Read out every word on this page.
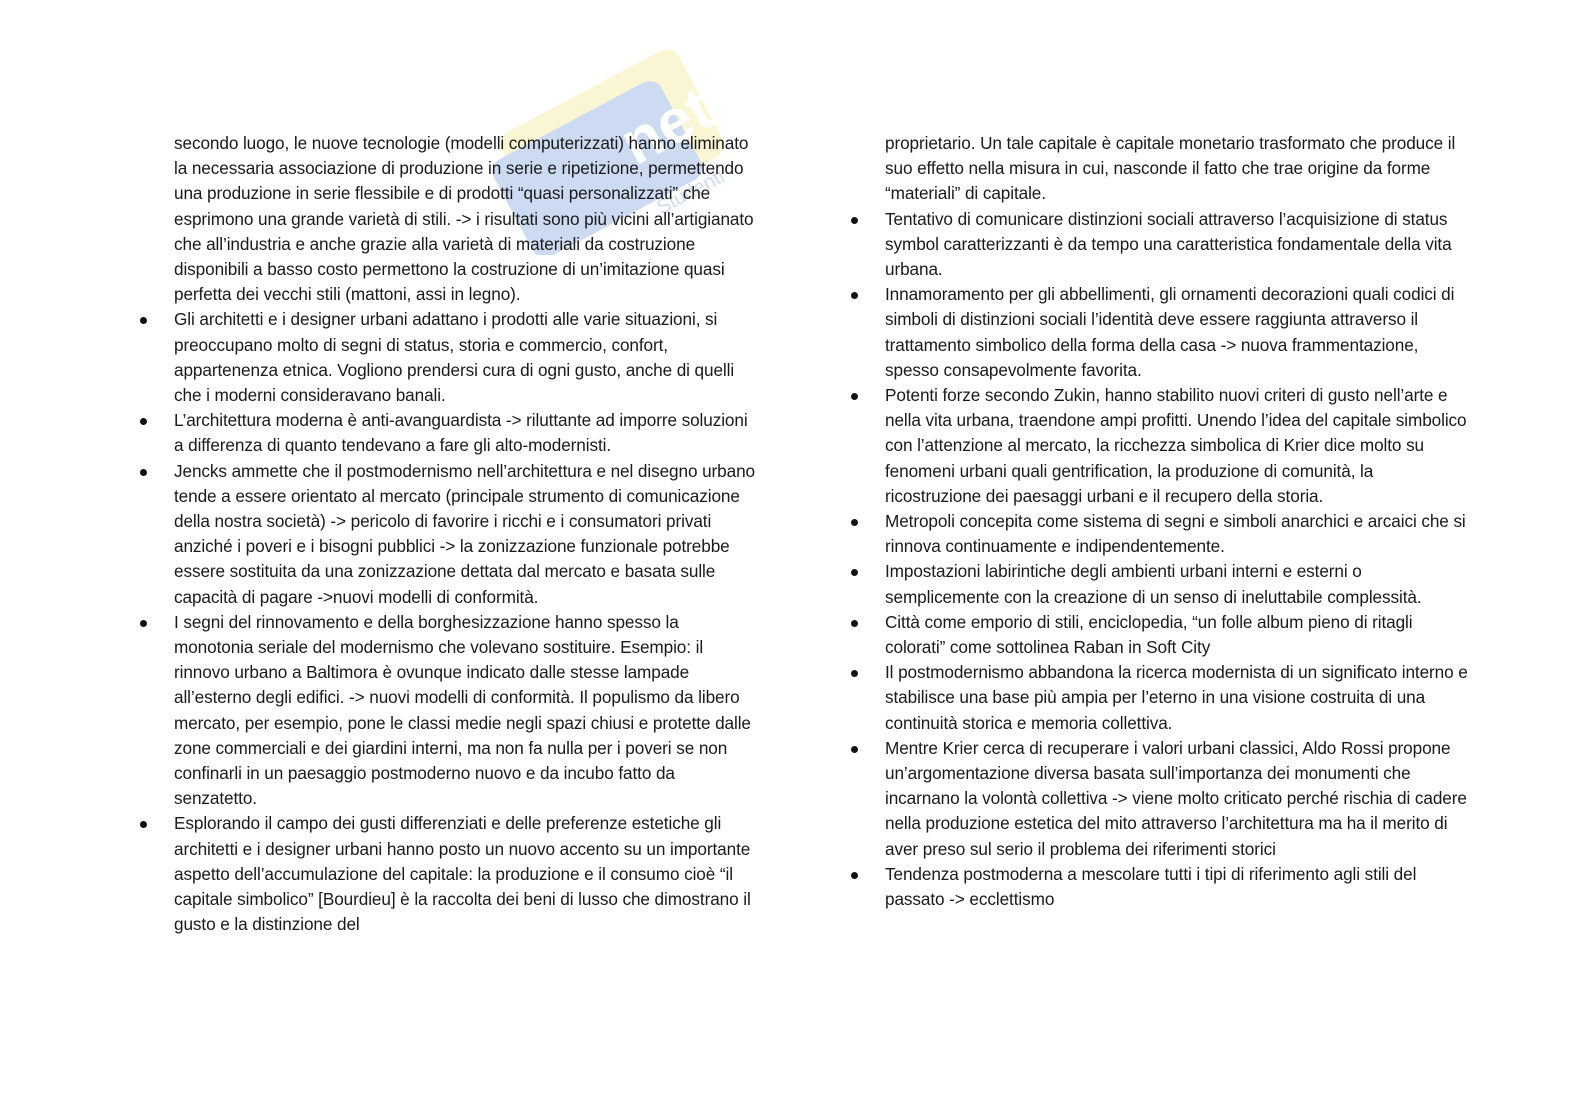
net
Studenti

secondo luogo, le nuove tecnologie (modelli computerizzati) hanno eliminato la necessaria associazione di produzione in serie e ripetizione, permettendo una produzione in serie flessibile e di prodotti “quasi personalizzati” che esprimono una grande varietà di stili. -> i risultati sono più vicini all’artigianato che all’industria e anche grazie alla varietà di materiali da costruzione disponibili a basso costo permettono la costruzione di un’imitazione quasi perfetta dei vecchi stili (mattoni, assi in legno).

Gli architetti e i designer urbani adattano i prodotti alle varie situazioni, si preoccupano molto di segni di status, storia e commercio, confort, appartenenza etnica. Vogliono prendersi cura di ogni gusto, anche di quelli che i moderni consideravano banali.
L’architettura moderna è anti-avanguardista -> riluttante ad imporre soluzioni a differenza di quanto tendevano a fare gli alto-modernisti.
Jencks ammette che il postmodernismo nell’architettura e nel disegno urbano tende a essere orientato al mercato (principale strumento di comunicazione della nostra società) -> pericolo di favorire i ricchi e i consumatori privati anziché i poveri e i bisogni pubblici -> la zonizzazione funzionale potrebbe essere sostituita da una zonizzazione dettata dal mercato e basata sulle capacità di pagare ->nuovi modelli di conformità.
I segni del rinnovamento e della borghesizzazione hanno spesso la monotonia seriale del modernismo che volevano sostituire. Esempio: il rinnovo urbano a Baltimora è ovunque indicato dalle stesse lampade all’esterno degli edifici. -> nuovi modelli di conformità. Il populismo da libero mercato, per esempio, pone le classi medie negli spazi chiusi e protette dalle zone commerciali e dei giardini interni, ma non fa nulla per i poveri se non confinarli in un paesaggio postmoderno nuovo e da incubo fatto da senzatetto.
Esplorando il campo dei gusti differenziati e delle preferenze estetiche gli architetti e i designer urbani hanno posto un nuovo accento su un importante aspetto dell’accumulazione del capitale: la produzione e il consumo cioè “il capitale simbolico” [Bourdieu] è la raccolta dei beni di lusso che dimostrano il gusto e la distinzione del

proprietario. Un tale capitale è capitale monetario trasformato che produce il suo effetto nella misura in cui, nasconde il fatto che trae origine da forme “materiali” di capitale.

Tentativo di comunicare distinzioni sociali attraverso l’acquisizione di status symbol caratterizzanti è da tempo una caratteristica fondamentale della vita urbana.
Innamoramento per gli abbellimenti, gli ornamenti decorazioni quali codici di simboli di distinzioni sociali l’identità deve essere raggiunta attraverso il trattamento simbolico della forma della casa -> nuova frammentazione, spesso consapevolmente favorita.
Potenti forze secondo Zukin, hanno stabilito nuovi criteri di gusto nell’arte e nella vita urbana, traendone ampi profitti. Unendo l’idea del capitale simbolico con l’attenzione al mercato, la ricchezza simbolica di Krier dice molto su fenomeni urbani quali gentrification, la produzione di comunità, la ricostruzione dei paesaggi urbani e il recupero della storia.
Metropoli concepita come sistema di segni e simboli anarchici e arcaici che si rinnova continuamente e indipendentemente.
Impostazioni labirintiche degli ambienti urbani interni e esterni o semplicemente con la creazione di un senso di ineluttabile complessità.
Città come emporio di stili, enciclopedia, “un folle album pieno di ritagli colorati” come sottolinea Raban in Soft City
Il postmodernismo abbandona la ricerca modernista di un significato interno e stabilisce una base più ampia per l’eterno in una visione costruita di una continuità storica e memoria collettiva.
Mentre Krier cerca di recuperare i valori urbani classici, Aldo Rossi propone un’argomentazione diversa basata sull’importanza dei monumenti che incarnano la volontà collettiva -> viene molto criticato perché rischia di cadere nella produzione estetica del mito attraverso l’architettura ma ha il merito di aver preso sul serio il problema dei riferimenti storici
Tendenza postmoderna a mescolare tutti i tipi di riferimento agli stili del passato -> ecclettismo
